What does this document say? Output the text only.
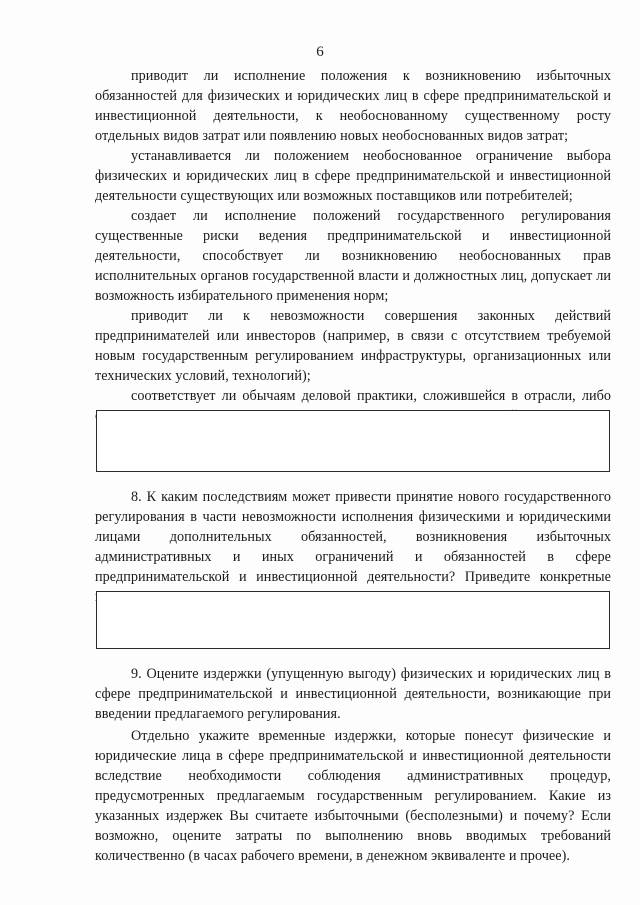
6

приводит ли исполнение положения к возникновению избыточных обязанностей для физических и юридических лиц в сфере предпринимательской и инвестиционной деятельности, к необоснованному существенному росту отдельных видов затрат или появлению новых необоснованных видов затрат;

устанавливается ли положением необоснованное ограничение выбора физических и юридических лиц в сфере предпринимательской и инвестиционной деятельности существующих или возможных поставщиков или потребителей;

создает ли исполнение положений государственного регулирования существенные риски ведения предпринимательской и инвестиционной деятельности, способствует ли возникновению необоснованных прав исполнительных органов государственной власти и должностных лиц, допускает ли возможность избирательного применения норм;

приводит ли к невозможности совершения законных действий предпринимателей или инвесторов (например, в связи с отсутствием требуемой новым государственным регулированием инфраструктуры, организационных или технических условий, технологий);

соответствует ли обычаям деловой практики, сложившейся в отрасли, либо

8. К каким последствиям может привести принятие нового государственного регулирования в части невозможности исполнения физическими и юридическими лицами дополнительных обязанностей, возникновения избыточных административных и иных ограничений и обязанностей в сфере предпринимательской и инвестиционной деятельности? Приведите конкретные

9. Оцените издержки (упущенную выгоду) физических и юридических лиц в сфере предпринимательской и инвестиционной деятельности, возникающие при введении предлагаемого регулирования.

Отдельно укажите временные издержки, которые понесут физические и юридические лица в сфере предпринимательской и инвестиционной деятельности вследствие необходимости соблюдения административных процедур, предусмотренных предлагаемым государственным регулированием. Какие из указанных издержек Вы считаете избыточными (бесполезными) и почему? Если возможно, оцените затраты по выполнению вновь вводимых требований количественно (в часах рабочего времени, в денежном эквиваленте и прочее).
